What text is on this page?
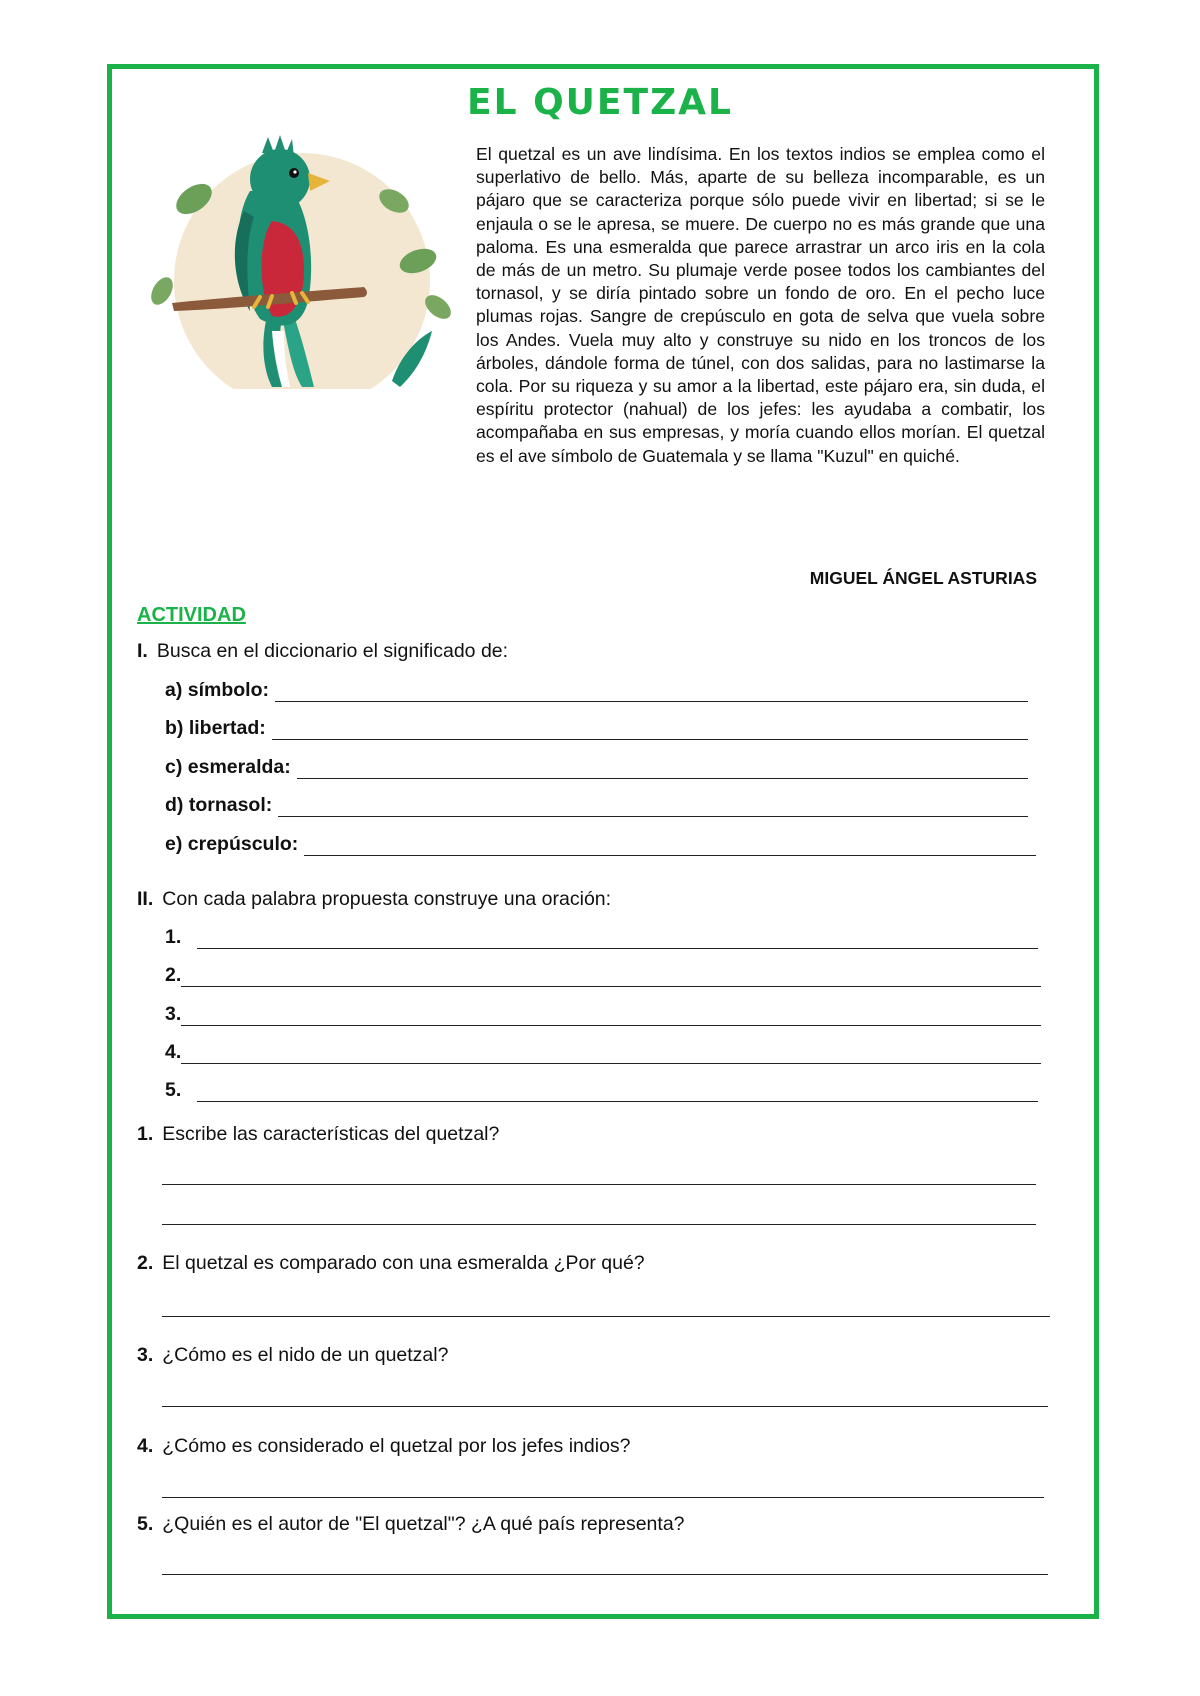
EL QUETZAL
El quetzal es un ave lindísima. En los textos indios se emplea como el superlativo de bello. Más, aparte de su belleza incomparable, es un pájaro que se caracteriza porque sólo puede vivir en libertad; si se le enjaula o se le apresa, se muere. De cuerpo no es más grande que una paloma. Es una esmeralda que parece arrastrar un arco iris en la cola de más de un metro. Su plumaje verde posee todos los cambiantes del tornasol, y se diría pintado sobre un fondo de oro. En el pecho luce plumas rojas. Sangre de crepúsculo en gota de selva que vuela sobre los Andes. Vuela muy alto y construye su nido en los troncos de los árboles, dándole forma de túnel, con dos salidas, para no lastimarse la cola. Por su riqueza y su amor a la libertad, este pájaro era, sin duda, el espíritu protector (nahual) de los jefes: les ayudaba a combatir, los acompañaba en sus empresas, y moría cuando ellos morían. El quetzal es el ave símbolo de Guatemala y se llama "Kuzul" en quiché.
MIGUEL ÁNGEL ASTURIAS
ACTIVIDAD
I. Busca en el diccionario el significado de:
a) símbolo:
b) libertad:
c) esmeralda:
d) tornasol:
e) crepúsculo:
II. Con cada palabra propuesta construye una oración:
1.
2.
3.
4.
5.
1. Escribe las características del quetzal?
2. El quetzal es comparado con una esmeralda ¿Por qué?
3. ¿Cómo es el nido de un quetzal?
4. ¿Cómo es considerado el quetzal por los jefes indios?
5. ¿Quién es el autor de "El quetzal"? ¿A qué país representa?
